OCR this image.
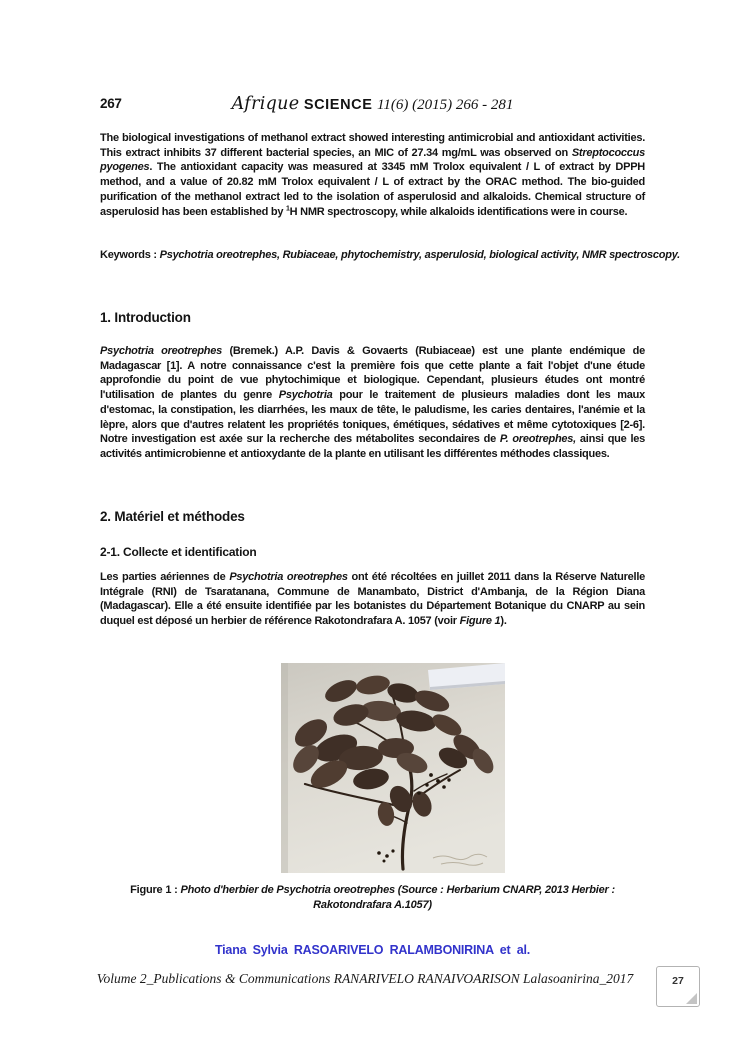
267	Afrique SCIENCE 11(6) (2015) 266 - 281
The biological investigations of methanol extract showed interesting antimicrobial and antioxidant activities. This extract inhibits 37 different bacterial species, an MIC of 27.34 mg/mL was observed on Streptococcus pyogenes. The antioxidant capacity was measured at 3345 mM Trolox equivalent / L of extract by DPPH method, and a value of 20.82 mM Trolox equivalent / L of extract by the ORAC method. The bio-guided purification of the methanol extract led to the isolation of asperulosid and alkaloids. Chemical structure of asperulosid has been established by $^1$H NMR spectroscopy, while alkaloids identifications were in course.
Keywords : Psychotria oreotrephes, Rubiaceae, phytochemistry, asperulosid, biological activity, NMR spectroscopy.
1. Introduction
Psychotria oreotrephes (Bremek.) A.P. Davis & Govaerts (Rubiaceae) est une plante endémique de Madagascar [1]. A notre connaissance c'est la première fois que cette plante a fait l'objet d'une étude approfondie du point de vue phytochimique et biologique. Cependant, plusieurs études ont montré l'utilisation de plantes du genre Psychotria pour le traitement de plusieurs maladies dont les maux d'estomac, la constipation, les diarrhées, les maux de tête, le paludisme, les caries dentaires, l'anémie et la lèpre, alors que d'autres relatent les propriétés toniques, émétiques, sédatives et même cytotoxiques [2-6]. Notre investigation est axée sur la recherche des métabolites secondaires de P. oreotrephes, ainsi que les activités antimicrobienne et antioxydante de la plante en utilisant les différentes méthodes classiques.
2. Matériel et méthodes
2-1. Collecte et identification
Les parties aériennes de Psychotria oreotrephes ont été récoltées en juillet 2011 dans la Réserve Naturelle Intégrale (RNI) de Tsaratanana, Commune de Manambato, District d'Ambanja, de la Région Diana (Madagascar). Elle a été ensuite identifiée par les botanistes du Département Botanique du CNARP au sein duquel est déposé un herbier de référence Rakotondrafara A. 1057 (voir Figure 1).
Figure 1 : Photo d'herbier de Psychotria oreotrephes (Source : Herbarium CNARP, 2013 Herbier : Rakotondrafara A.1057)
Tiana Sylvia RASOARIVELO RALAMBONIRINA et al.
Volume 2_Publications & Communications RANARIVELO RANAIVOARISON Lalasoanirina_2017	27
